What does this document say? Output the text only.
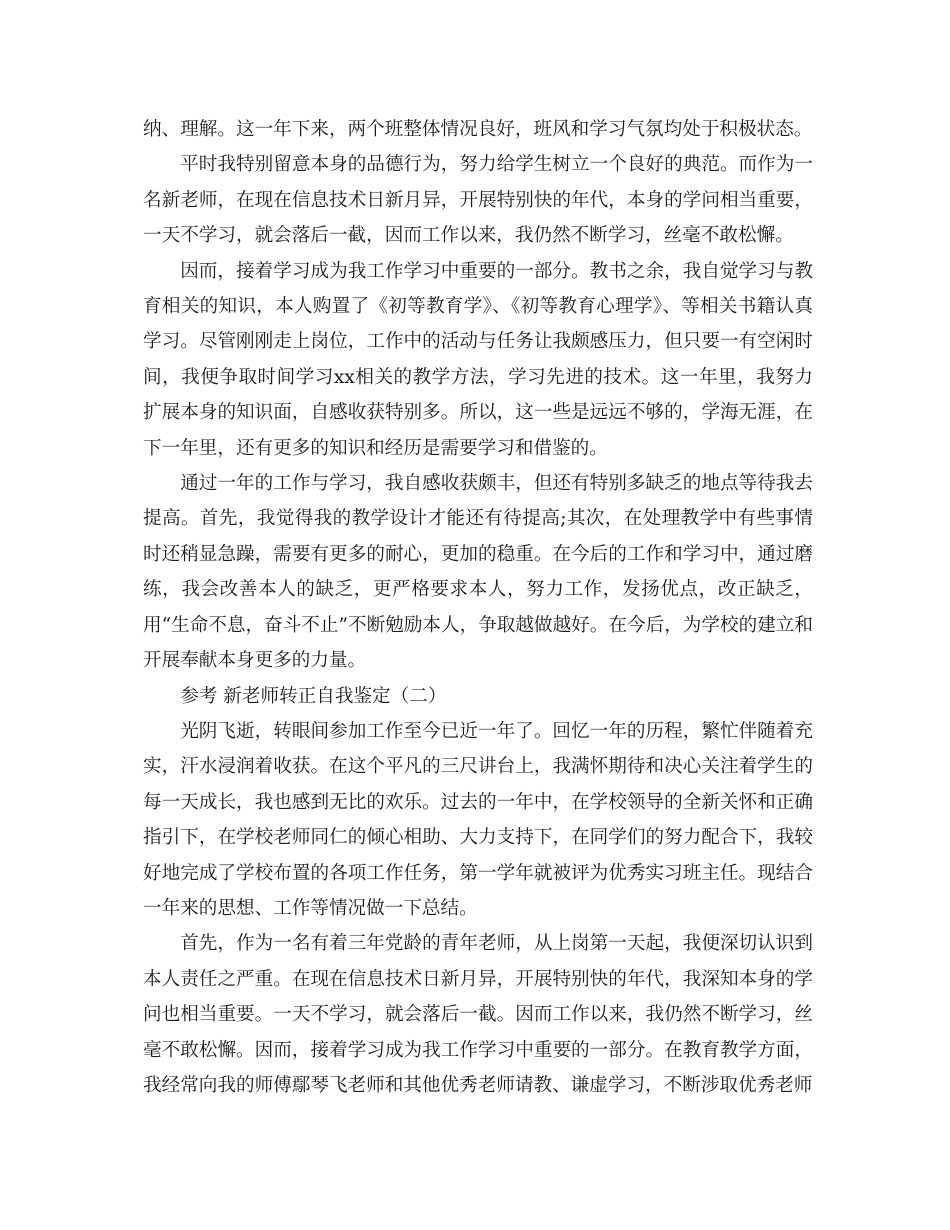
纳、理解。这一年下来，两个班整体情况良好，班风和学习气氛均处于积极状态。

平时我特别留意本身的品德行为，努力给学生树立一个良好的典范。而作为一名新老师，在现在信息技术日新月异，开展特别快的年代，本身的学问相当重要，一天不学习，就会落后一截，因而工作以来，我仍然不断学习，丝毫不敢松懈。

因而，接着学习成为我工作学习中重要的一部分。教书之余，我自觉学习与教育相关的知识，本人购置了《初等教育学》、《初等教育心理学》、等相关书籍认真学习。尽管刚刚走上岗位，工作中的活动与任务让我颇感压力，但只要一有空闲时间，我便争取时间学习xx相关的教学方法，学习先进的技术。这一年里，我努力扩展本身的知识面，自感收获特别多。所以，这一些是远远不够的，学海无涯，在下一年里，还有更多的知识和经历是需要学习和借鉴的。

通过一年的工作与学习，我自感收获颇丰，但还有特别多缺乏的地点等待我去提高。首先，我觉得我的教学设计才能还有待提高;其次，在处理教学中有些事情时还稍显急躁，需要有更多的耐心，更加的稳重。在今后的工作和学习中，通过磨练，我会改善本人的缺乏，更严格要求本人，努力工作，发扬优点，改正缺乏，用“生命不息，奋斗不止”不断勉励本人，争取越做越好。在今后，为学校的建立和开展奉献本身更多的力量。

参考 新老师转正自我鉴定（二）

光阴飞逝，转眼间参加工作至今已近一年了。回忆一年的历程，繁忙伴随着充实，汗水浸润着收获。在这个平凡的三尺讲台上，我满怀期待和决心关注着学生的每一天成长，我也感到无比的欢乐。过去的一年中，在学校领导的全新关怀和正确指引下，在学校老师同仁的倾心相助、大力支持下，在同学们的努力配合下，我较好地完成了学校布置的各项工作任务，第一学年就被评为优秀实习班主任。现结合一年来的思想、工作等情况做一下总结。

首先，作为一名有着三年党龄的青年老师，从上岗第一天起，我便深切认识到本人责任之严重。在现在信息技术日新月异，开展特别快的年代，我深知本身的学问也相当重要。一天不学习，就会落后一截。因而工作以来，我仍然不断学习，丝毫不敢松懈。因而，接着学习成为我工作学习中重要的一部分。在教育教学方面，我经常向我的师傅鄢琴飞老师和其他优秀老师请教、谦虚学习，不断涉取优秀老师
